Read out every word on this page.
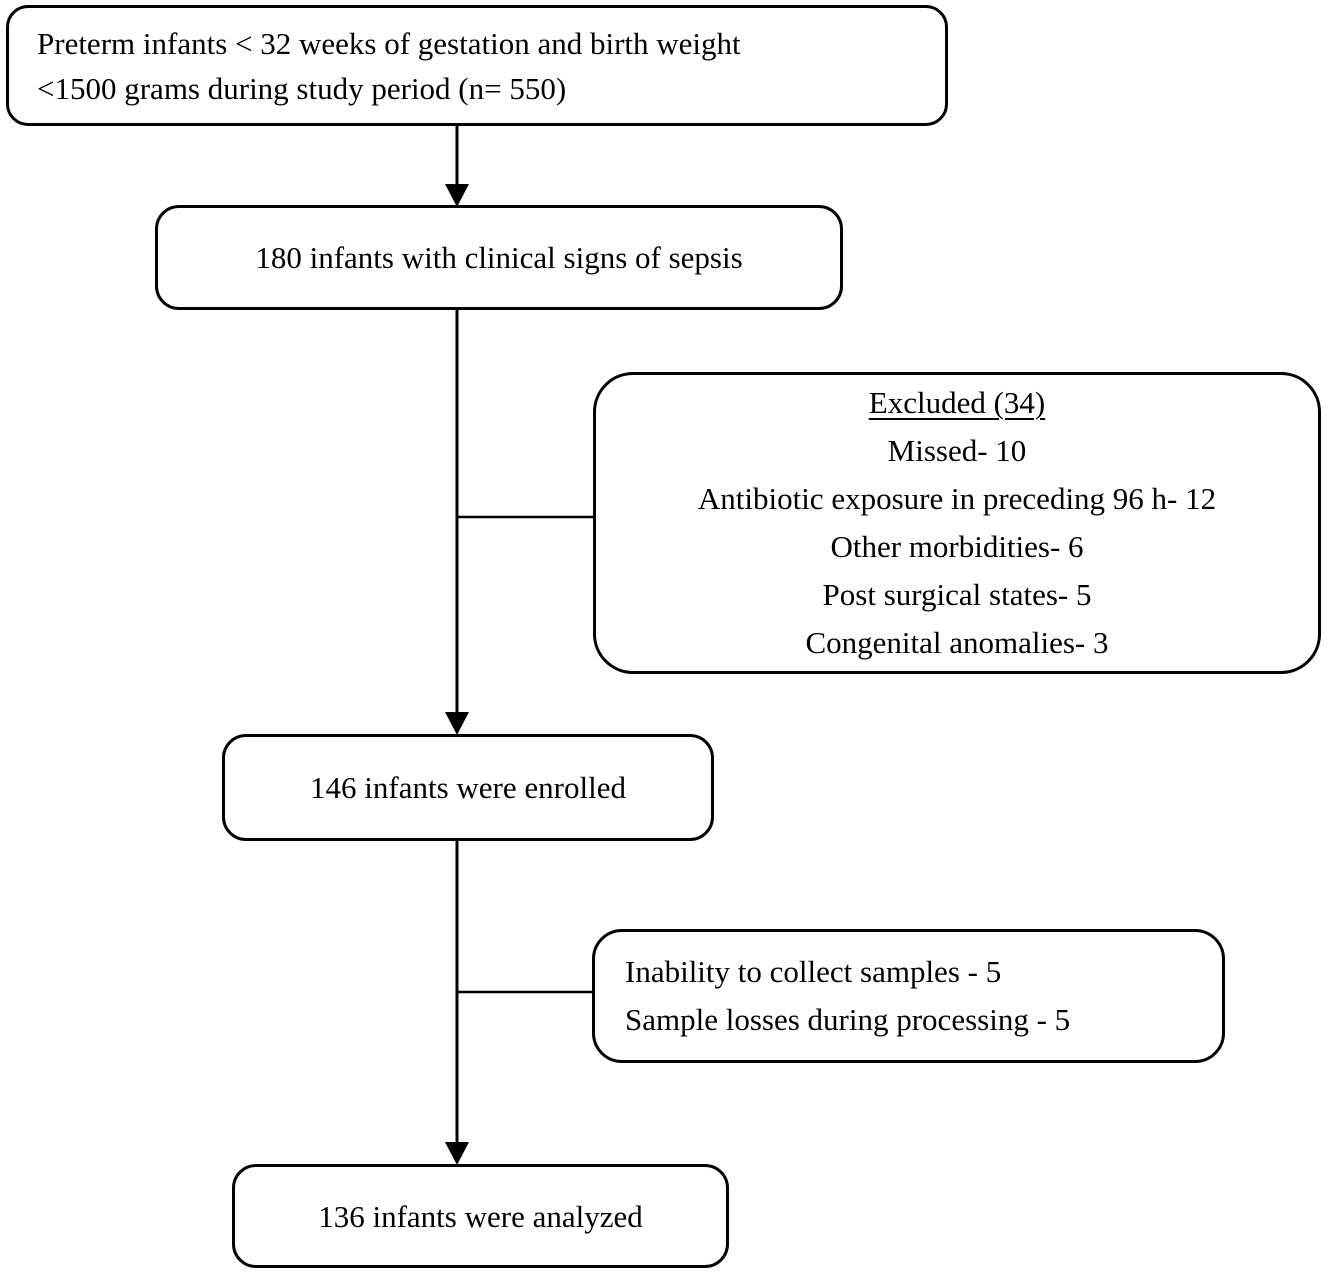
Preterm infants < 32 weeks of gestation and birth weight
<1500 grams during study period (n= 550)
180 infants with clinical signs of sepsis
Excluded (34)
Missed- 10
Antibiotic exposure in preceding 96 h- 12
Other morbidities- 6
Post surgical states- 5
Congenital anomalies- 3
146 infants were enrolled
Inability to collect samples - 5
Sample losses during processing - 5
136 infants were analyzed
